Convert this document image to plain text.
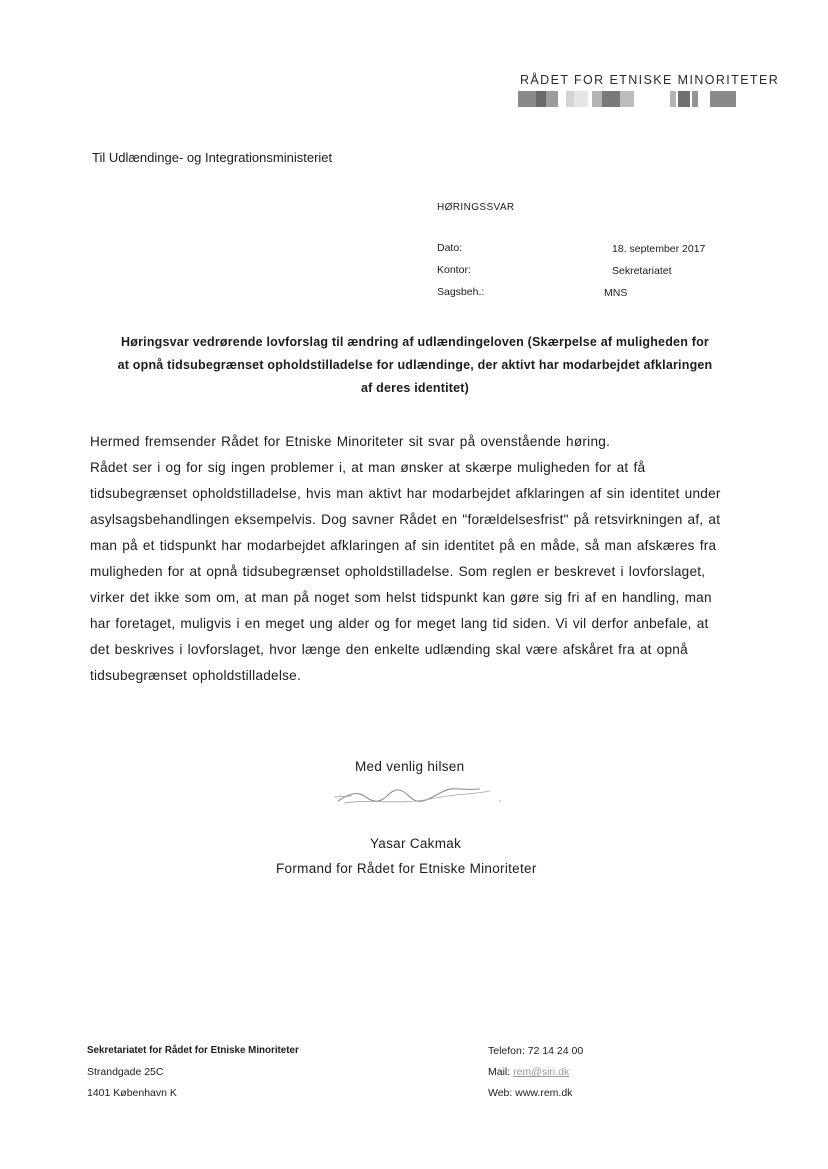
RÅDET FOR ETNISKE MINORITETER
Til Udlændinge- og Integrationsministeriet
HØRINGSSVAR
Dato:	18. september 2017
Kontor:	Sekretariatet
Sagsbeh.:	MNS
Høringsvar vedrørende lovforslag til ændring af udlændingeloven (Skærpelse af muligheden for
at opnå tidsubegrænset opholdstilladelse for udlændinge, der aktivt har modarbejdet afklaringen
af deres identitet)
Hermed fremsender Rådet for Etniske Minoriteter sit svar på ovenstående høring.
Rådet ser i og for sig ingen problemer i, at man ønsker at skærpe muligheden for at få
tidsubegrænset opholdstilladelse, hvis man aktivt har modarbejdet afklaringen af sin identitet under
asylsagsbehandlingen eksempelvis. Dog savner Rådet en "forældelsesfrist" på retsvirkningen af, at
man på et tidspunkt har modarbejdet afklaringen af sin identitet på en måde, så man afskæres fra
muligheden for at opnå tidsubegrænset opholdstilladelse. Som reglen er beskrevet i lovforslaget,
virker det ikke som om, at man på noget som helst tidspunkt kan gøre sig fri af en handling, man
har foretaget, muligvis i en meget ung alder og for meget lang tid siden. Vi vil derfor anbefale, at
det beskrives i lovforslaget, hvor længe den enkelte udlænding skal være afskåret fra at opnå
tidsubegrænset opholdstilladelse.
Med venlig hilsen
Yasar Cakmak
Formand for Rådet for Etniske Minoriteter
Sekretariatet for Rådet for Etniske Minoriteter
Strandgade 25C
1401 København K
Telefon: 72 14 24 00
Mail: rem@siri.dk
Web: www.rem.dk
